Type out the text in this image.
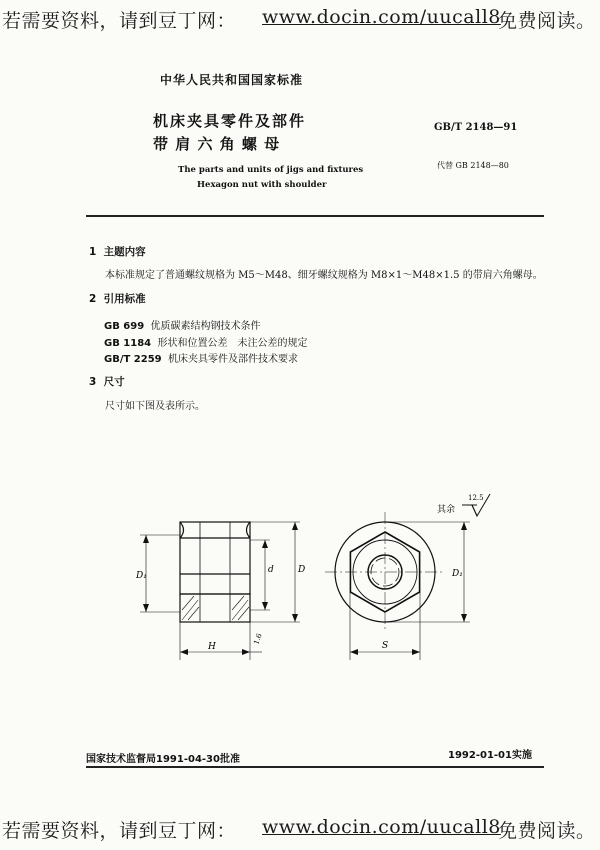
若需要资料，请到豆丁网： www.docin.com/uucall8
免费阅读。
中华人民共和国国家标准
机床夹具零件及部件
带 肩 六 角 螺 母
The parts and units of jigs and fixtures
Hexagon nut with shoulder
GB/T 2148—91
代替 GB 2148—80
1 主题内容
本标准规定了普通螺纹规格为 M5～M48、细牙螺纹规格为 M8×1～M48×1.5 的带肩六角螺母。
2 引用标准
GB 699 优质碳素结构钢技术条件
GB 1184 形状和位置公差　未注公差的规定
GB/T 2259 机床夹具零件及部件技术要求
3 尺寸
尺寸如下图及表所示。
D₁
d	D
H
1.6
D₁
S
其余
12.5
国家技术监督局1991-04-30批准	1992-01-01实施
若需要资料，请到豆丁网： www.docin.com/uucall8
免费阅读。
